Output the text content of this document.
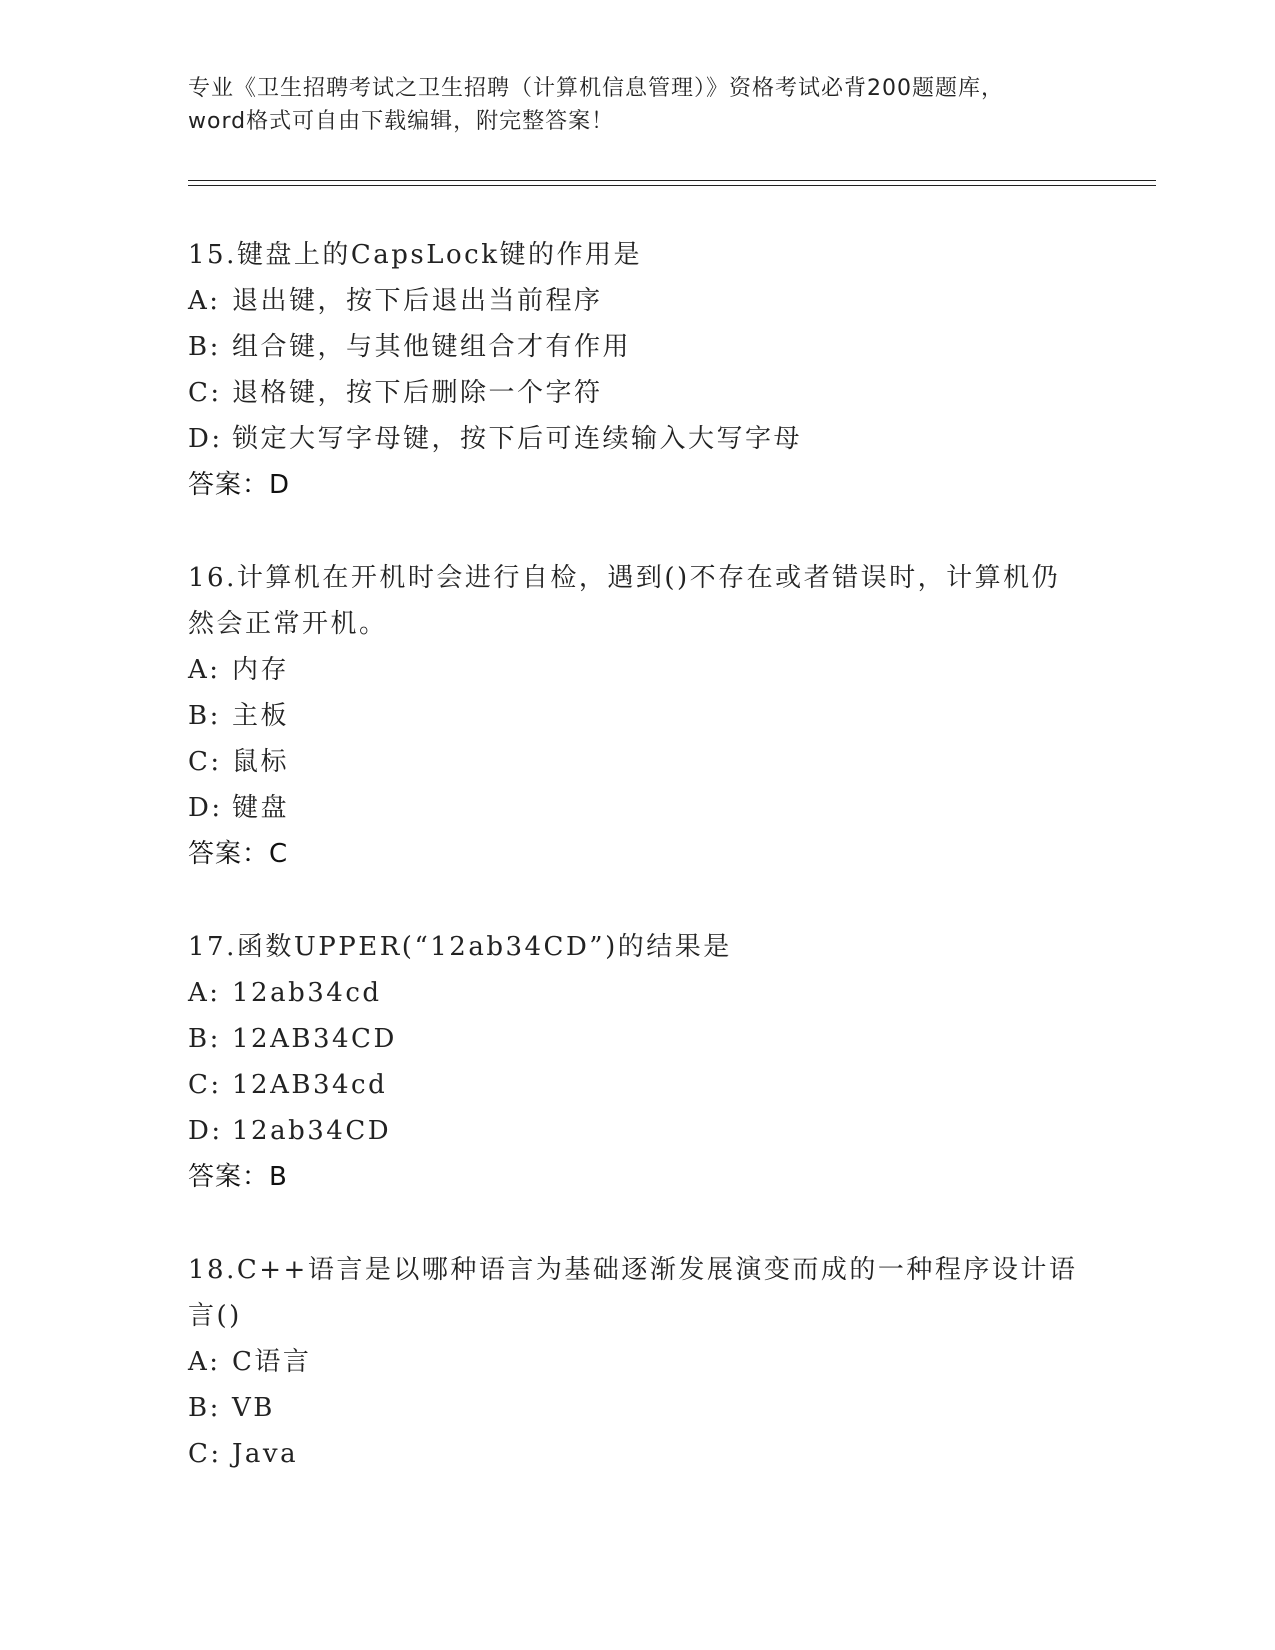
专业《卫生招聘考试之卫生招聘（计算机信息管理）》资格考试必背200题题库，
word格式可自由下载编辑，附完整答案！
15.键盘上的CapsLock键的作用是
A: 退出键，按下后退出当前程序
B: 组合键，与其他键组合才有作用
C: 退格键，按下后删除一个字符
D: 锁定大写字母键，按下后可连续输入大写字母
答案：D
16.计算机在开机时会进行自检，遇到()不存在或者错误时，计算机仍
然会正常开机。
A: 内存
B: 主板
C: 鼠标
D: 键盘
答案：C
17.函数UPPER(“12ab34CD”)的结果是
A: 12ab34cd
B: 12AB34CD
C: 12AB34cd
D: 12ab34CD
答案：B
18.C++语言是以哪种语言为基础逐渐发展演变而成的一种程序设计语
言()
A: C语言
B: VB
C: Java
